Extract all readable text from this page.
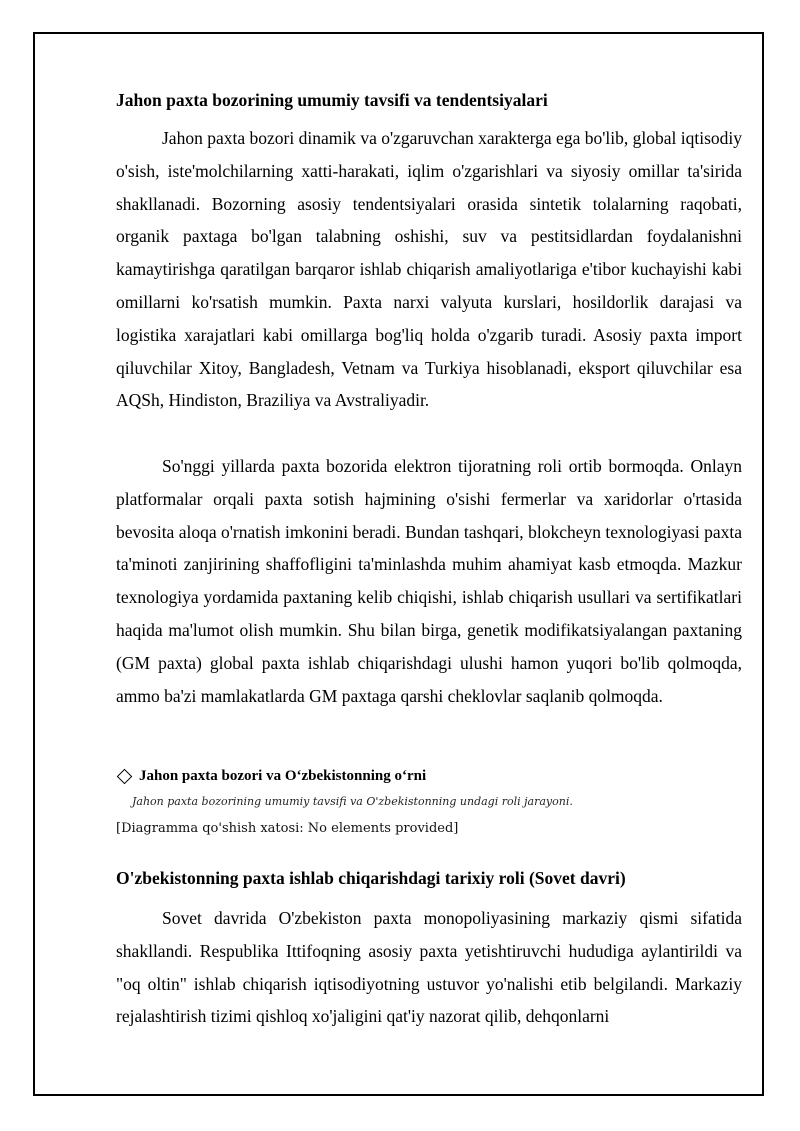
Jahon paxta bozorining umumiy tavsifi va tendentsiyalari

Jahon paxta bozori dinamik va o'zgaruvchan xarakterga ega bo'lib, global iqtisodiy o'sish, iste'molchilarning xatti-harakati, iqlim o'zgarishlari va siyosiy omillar ta'sirida shakllanadi. Bozorning asosiy tendentsiyalari orasida sintetik tolalarning raqobati, organik paxtaga bo'lgan talabning oshishi, suv va pestitsidlardan foydalanishni kamaytirishga qaratilgan barqaror ishlab chiqarish amaliyotlariga e'tibor kuchayishi kabi omillarni ko'rsatish mumkin. Paxta narxi valyuta kurslari, hosildorlik darajasi va logistika xarajatlari kabi omillarga bog'liq holda o'zgarib turadi. Asosiy paxta import qiluvchilar Xitoy, Bangladesh, Vetnam va Turkiya hisoblanadi, eksport qiluvchilar esa AQSh, Hindiston, Braziliya va Avstraliyadir.

So'nggi yillarda paxta bozorida elektron tijoratning roli ortib bormoqda. Onlayn platformalar orqali paxta sotish hajmining o'sishi fermerlar va xaridorlar o'rtasida bevosita aloqa o'rnatish imkonini beradi. Bundan tashqari, blokcheyn texnologiyasi paxta ta'minoti zanjirining shaffofligini ta'minlashda muhim ahamiyat kasb etmoqda. Mazkur texnologiya yordamida paxtaning kelib chiqishi, ishlab chiqarish usullari va sertifikatlari haqida ma'lumot olish mumkin. Shu bilan birga, genetik modifikatsiyalangan paxtaning (GM paxta) global paxta ishlab chiqarishdagi ulushi hamon yuqori bo'lib qolmoqda, ammo ba'zi mamlakatlarda GM paxtaga qarshi cheklovlar saqlanib qolmoqda.

Jahon paxta bozori va O‘zbekistonning o‘rni
Jahon paxta bozorining umumiy tavsifi va O'zbekistonning undagi roli jarayoni.
[Diagramma qo'shish xatosi: No elements provided]
O'zbekistonning paxta ishlab chiqarishdagi tarixiy roli (Sovet davri)

Sovet davrida O'zbekiston paxta monopoliyasining markaziy qismi sifatida shakllandi. Respublika Ittifoqning asosiy paxta yetishtiruvchi hududiga aylantirildi va "oq oltin" ishlab chiqarish iqtisodiyotning ustuvor yo'nalishi etib belgilandi. Markaziy rejalashtirish tizimi qishloq xo'jaligini qat'iy nazorat qilib, dehqonlarni
